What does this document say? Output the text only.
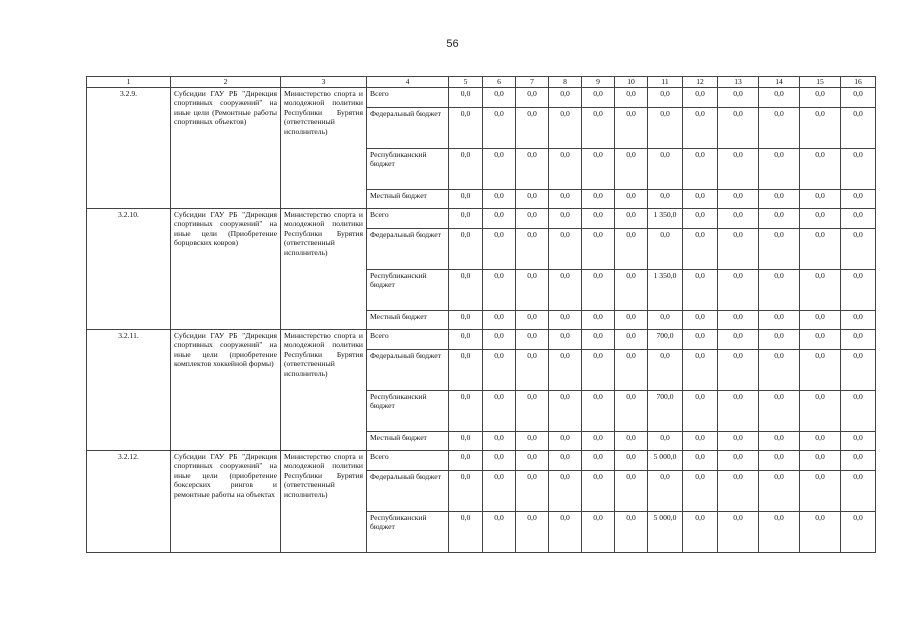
56
1	2	3	4	5	6	7	8	9	10	11	12	13	14	15	16
3.2.9.	Субсидии ГАУ РБ "Дирекция спортивных сооружений" на иные цели (Ремонтные работы спортивных объектов)	Министерство спорта и молодежной политики Республики Бурятия (ответственный исполнитель)	Всего	0,0	0,0	0,0	0,0	0,0	0,0	0,0	0,0	0,0	0,0	0,0	0,0
			Федеральный бюджет	0,0	0,0	0,0	0,0	0,0	0,0	0,0	0,0	0,0	0,0	0,0	0,0
			Республиканский бюджет	0,0	0,0	0,0	0,0	0,0	0,0	0,0	0,0	0,0	0,0	0,0	0,0
			Местный бюджет	0,0	0,0	0,0	0,0	0,0	0,0	0,0	0,0	0,0	0,0	0,0	0,0
3.2.10.	Субсидии ГАУ РБ "Дирекция спортивных сооружений" на иные цели (Приобретение борцовских ковров)	Министерство спорта и молодежной политики Республики Бурятия (ответственный исполнитель)	Всего	0,0	0,0	0,0	0,0	0,0	0,0	1 350,0	0,0	0,0	0,0	0,0	0,0
			Федеральный бюджет	0,0	0,0	0,0	0,0	0,0	0,0	0,0	0,0	0,0	0,0	0,0	0,0
			Республиканский бюджет	0,0	0,0	0,0	0,0	0,0	0,0	1 350,0	0,0	0,0	0,0	0,0	0,0
			Местный бюджет	0,0	0,0	0,0	0,0	0,0	0,0	0,0	0,0	0,0	0,0	0,0	0,0
3.2.11.	Субсидии ГАУ РБ "Дирекция спортивных сооружений" на иные цели (приобретение комплектов хоккейной формы)	Министерство спорта и молодежной политики Республики Бурятия (ответственный исполнитель)	Всего	0,0	0,0	0,0	0,0	0,0	0,0	700,0	0,0	0,0	0,0	0,0	0,0
			Федеральный бюджет	0,0	0,0	0,0	0,0	0,0	0,0	0,0	0,0	0,0	0,0	0,0	0,0
			Республиканский бюджет	0,0	0,0	0,0	0,0	0,0	0,0	700,0	0,0	0,0	0,0	0,0	0,0
			Местный бюджет	0,0	0,0	0,0	0,0	0,0	0,0	0,0	0,0	0,0	0,0	0,0	0,0
3.2.12.	Субсидии ГАУ РБ "Дирекция спортивных сооружений" на иные цели (приобретение боксерских рингов и ремонтные работы на объектах	Министерство спорта и молодежной политики Республики Бурятия (ответственный исполнитель)	Всего	0,0	0,0	0,0	0,0	0,0	0,0	5 000,0	0,0	0,0	0,0	0,0	0,0
			Федеральный бюджет	0,0	0,0	0,0	0,0	0,0	0,0	0,0	0,0	0,0	0,0	0,0	0,0
			Республиканский бюджет	0,0	0,0	0,0	0,0	0,0	0,0	5 000,0	0,0	0,0	0,0	0,0	0,0
